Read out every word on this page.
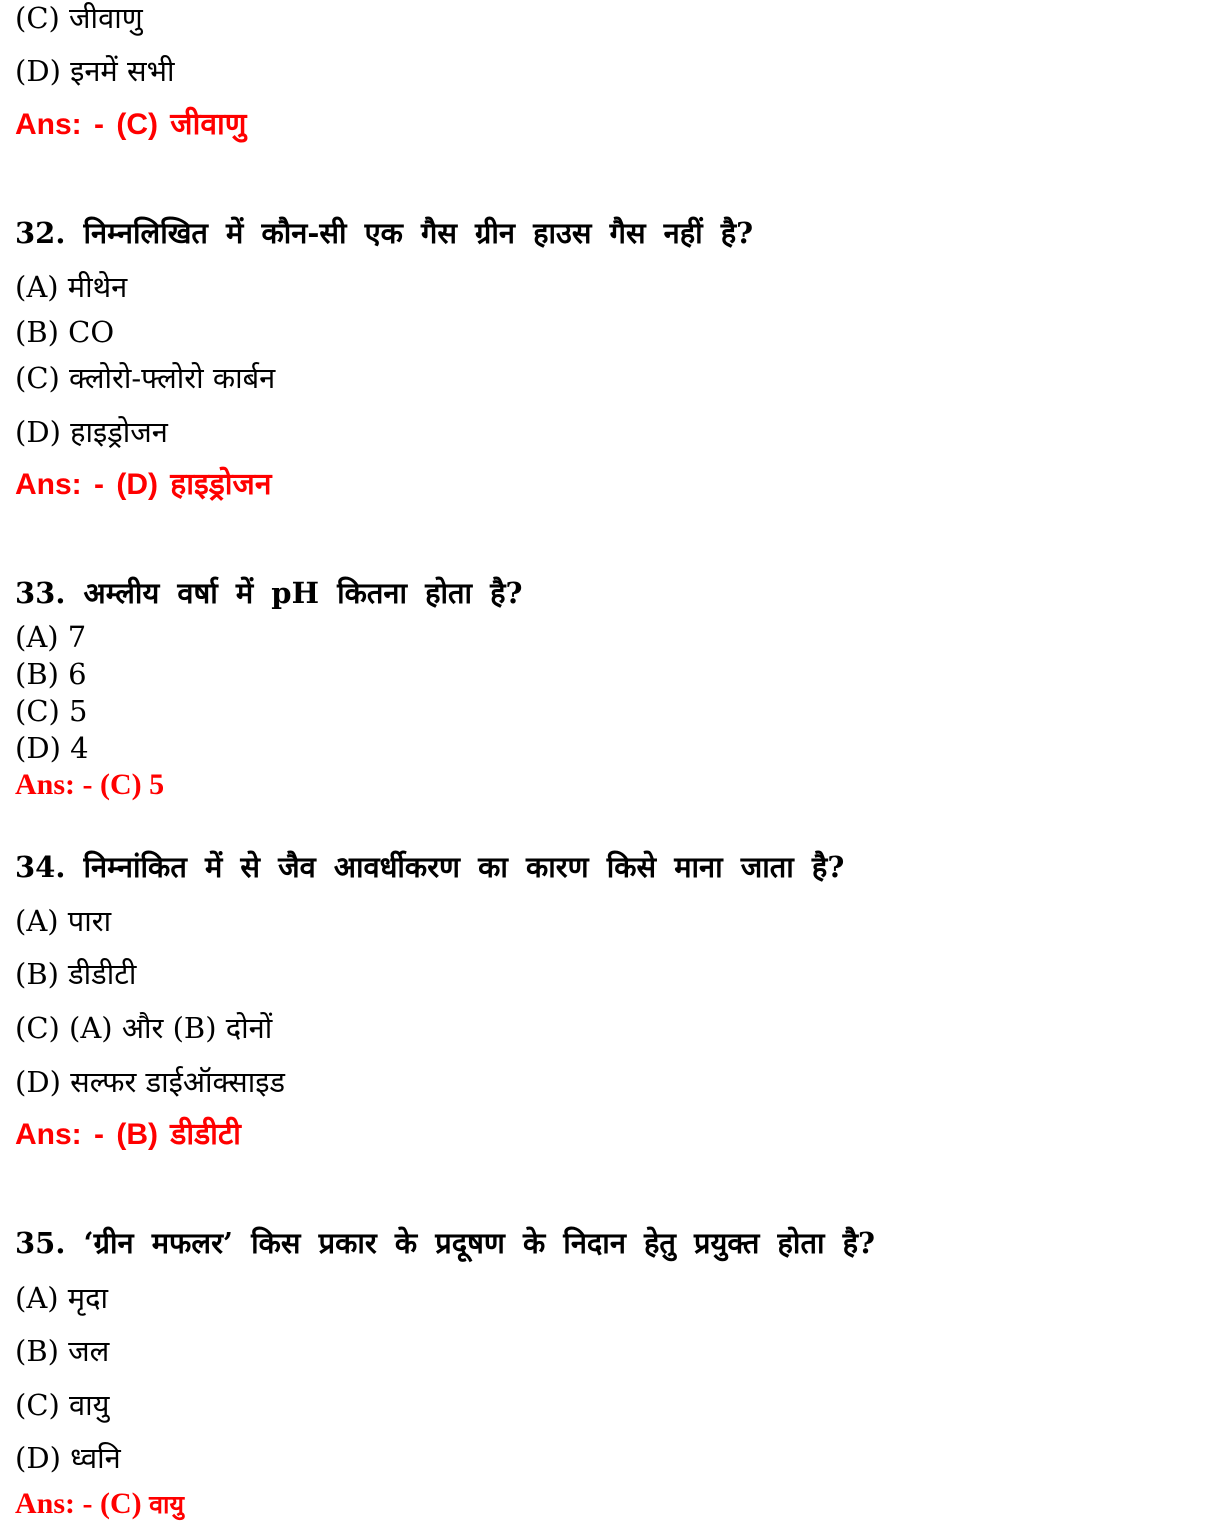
(C) जीवाणु
(D) इनमें सभी
Ans: - (C) जीवाणु
32. निम्नलिखित में कौन-सी एक गैस ग्रीन हाउस गैस नहीं है?
(A) मीथेन
(B) CO
(C) क्लोरो-फ्लोरो कार्बन
(D) हाइड्रोजन
Ans: - (D) हाइड्रोजन
33. अम्लीय वर्षा में pH कितना होता है?
(A) 7
(B) 6
(C) 5
(D) 4
Ans: - (C) 5
34. निम्नांकित में से जैव आवर्धीकरण का कारण किसे माना जाता है?
(A) पारा
(B) डीडीटी
(C) (A) और (B) दोनों
(D) सल्फर डाईऑक्साइड
Ans: - (B) डीडीटी
35. ‘ग्रीन मफलर’ किस प्रकार के प्रदूषण के निदान हेतु प्रयुक्त होता है?
(A) मृदा
(B) जल
(C) वायु
(D) ध्वनि
Ans: - (C) वायु
